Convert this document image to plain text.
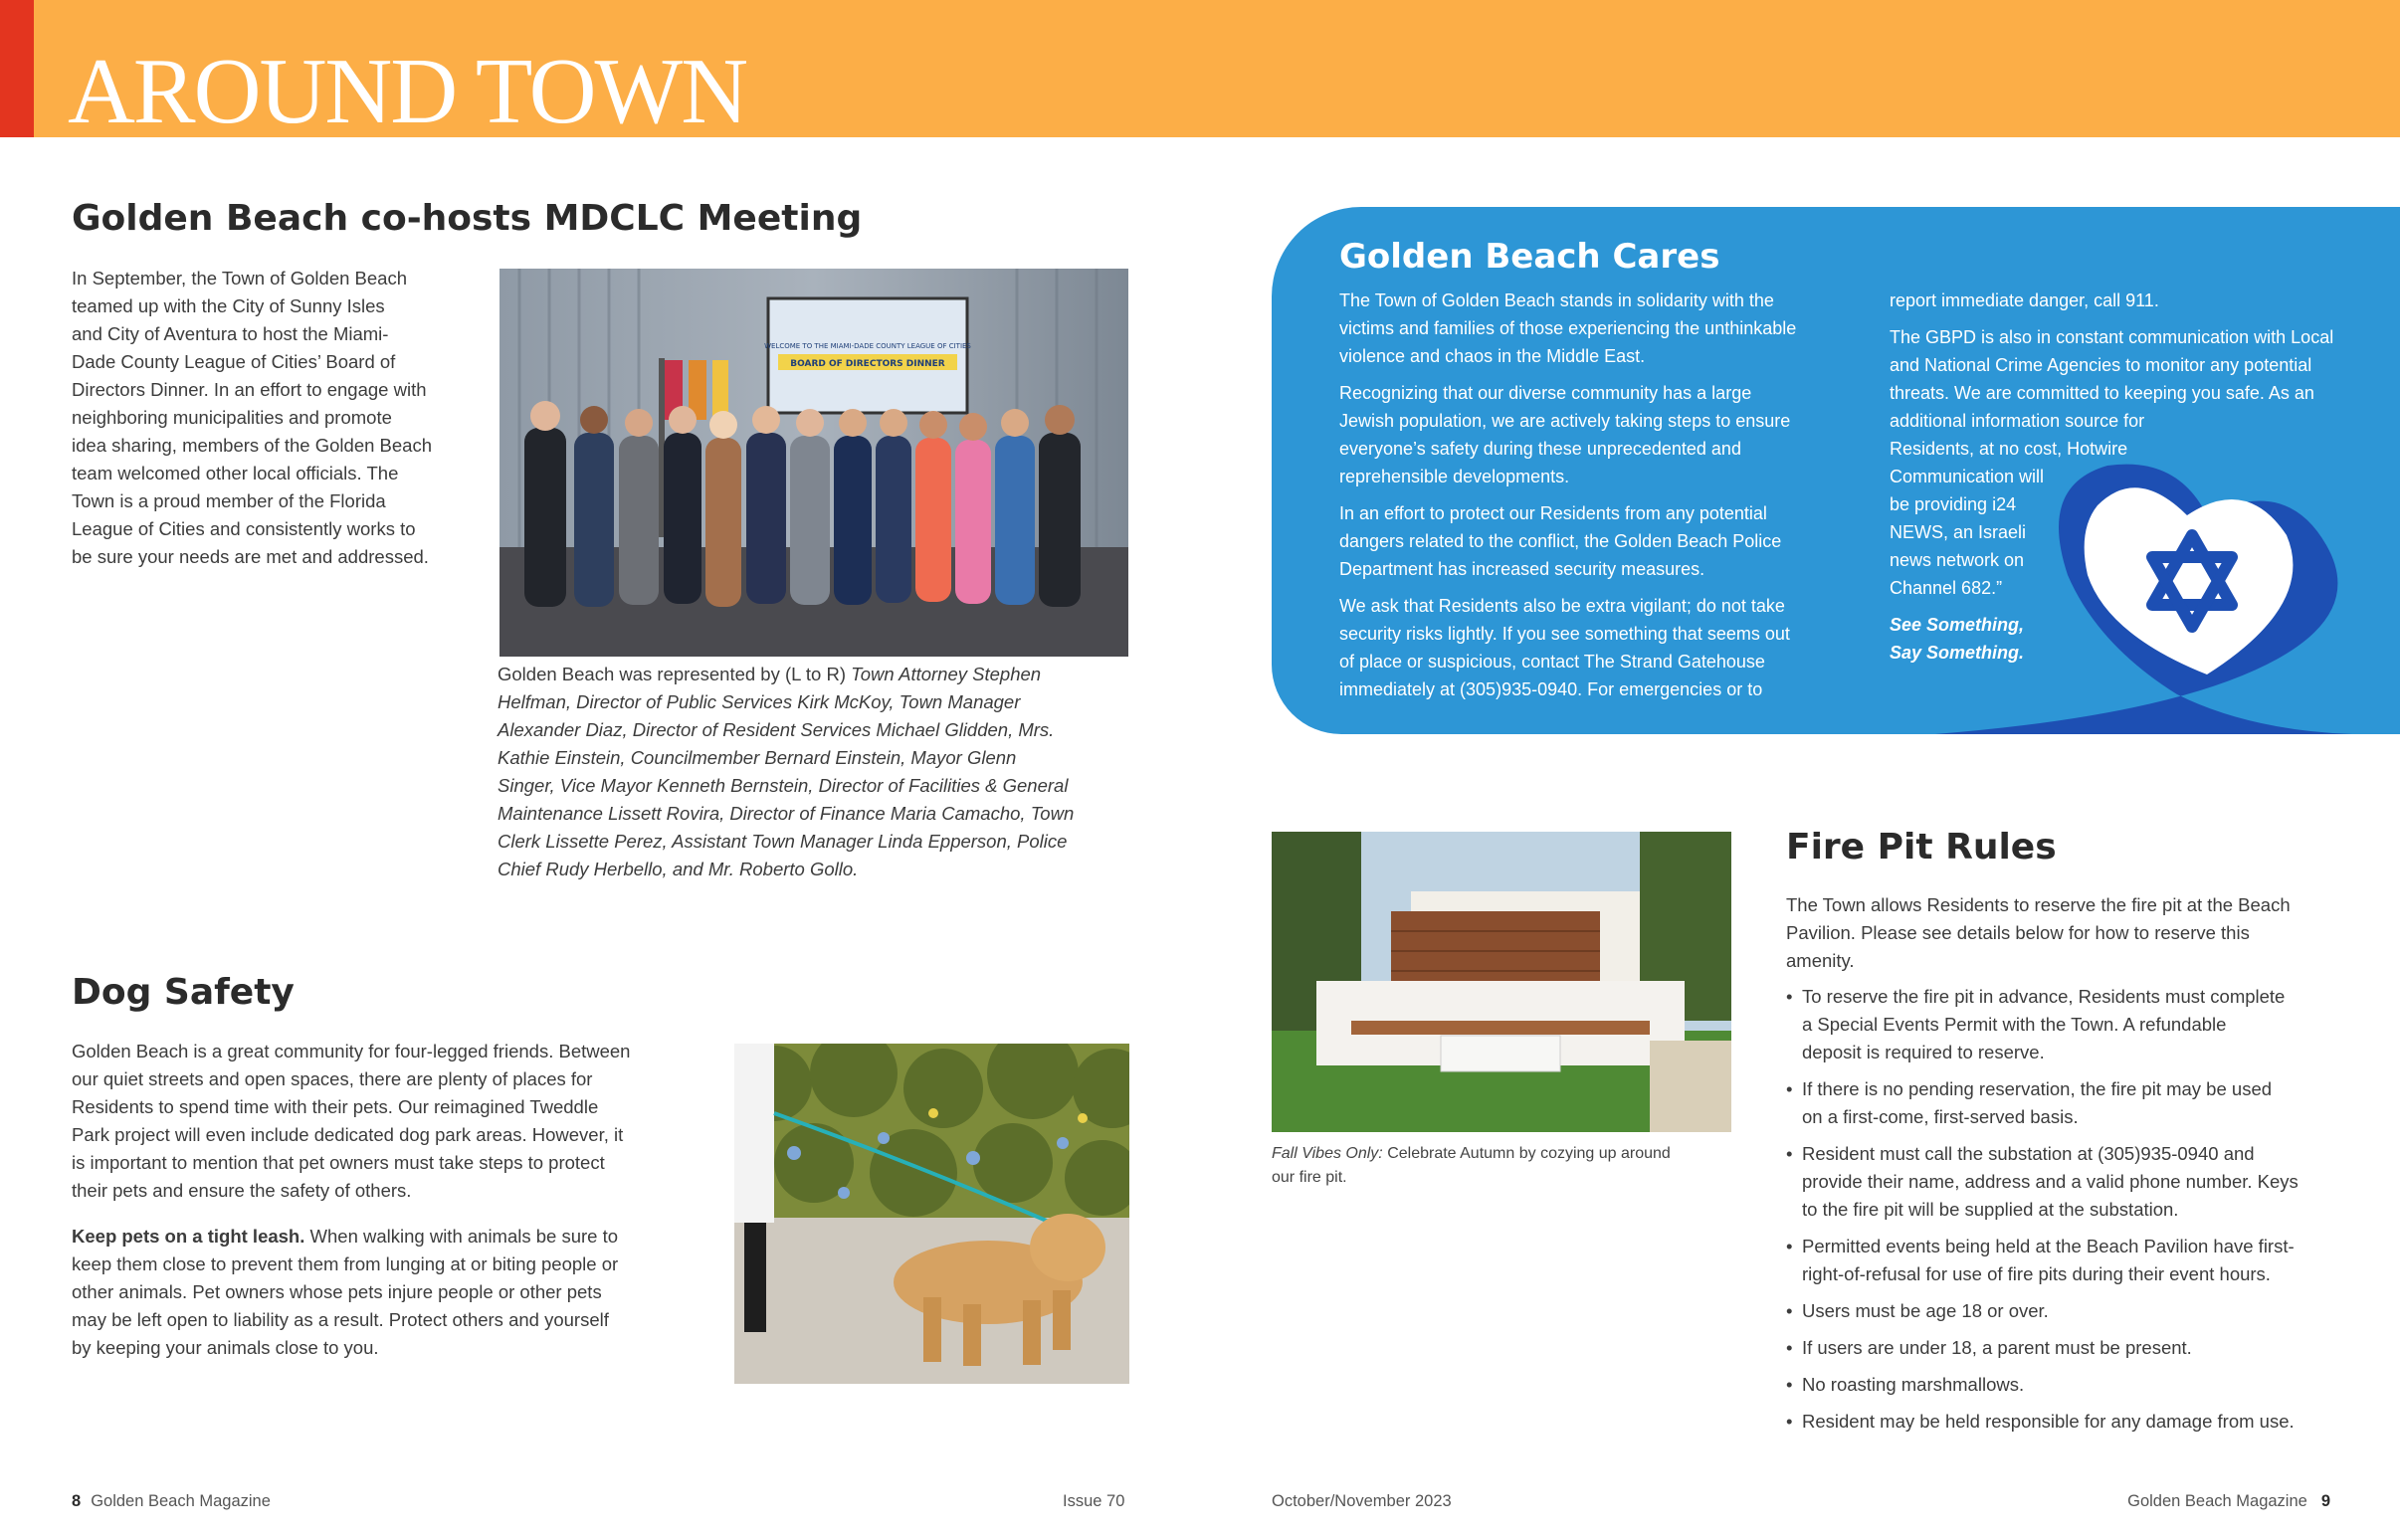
AROUND TOWN
Golden Beach co-hosts MDCLC Meeting
In September, the Town of Golden Beach
teamed up with the City of Sunny Isles
and City of Aventura to host the Miami-
Dade County League of Cities’ Board of
Directors Dinner. In an effort to engage with
neighboring municipalities and promote
idea sharing, members of the Golden Beach
team welcomed other local officials. The
Town is a proud member of the Florida
League of Cities and consistently works to
be sure your needs are met and addressed.
WELCOME TO THE MIAMI-DADE COUNTY LEAGUE OF CITIES
BOARD OF DIRECTORS DINNER
Golden Beach was represented by (L to R) Town Attorney Stephen
Helfman, Director of Public Services Kirk McKoy, Town Manager
Alexander Diaz, Director of Resident Services Michael Glidden, Mrs.
Kathie Einstein, Councilmember Bernard Einstein, Mayor Glenn
Singer, Vice Mayor Kenneth Bernstein, Director of Facilities & General
Maintenance Lissett Rovira, Director of Finance Maria Camacho, Town
Clerk Lissette Perez, Assistant Town Manager Linda Epperson, Police
Chief Rudy Herbello, and Mr. Roberto Gollo.
Dog Safety
Golden Beach is a great community for four-legged friends. Between
our quiet streets and open spaces, there are plenty of places for
Residents to spend time with their pets. Our reimagined Tweddle
Park project will even include dedicated dog park areas. However, it
is important to mention that pet owners must take steps to protect
their pets and ensure the safety of others.
Keep pets on a tight leash. When walking with animals be sure to
keep them close to prevent them from lunging at or biting people or
other animals. Pet owners whose pets injure people or other pets
may be left open to liability as a result. Protect others and yourself
by keeping your animals close to you.
Golden Beach Cares

The Town of Golden Beach stands in solidarity with the
victims and families of those experiencing the unthinkable
violence and chaos in the Middle East.

Recognizing that our diverse community has a large
Jewish population, we are actively taking steps to ensure
everyone’s safety during these unprecedented and
reprehensible developments.

In an effort to protect our Residents from any potential
dangers related to the conflict, the Golden Beach Police
Department has increased security measures.

We ask that Residents also be extra vigilant; do not take
security risks lightly. If you see something that seems out
of place or suspicious, contact The Strand Gatehouse
immediately at (305)935-0940. For emergencies or to

report immediate danger, call 911.

The GBPD is also in constant communication with Local
and National Crime Agencies to monitor any potential
threats. We are committed to keeping you safe. As an
additional information source for
Residents, at no cost, Hotwire
Communication will
be providing i24
NEWS, an Israeli
news network on
Channel 682.”

See Something,
Say Something.

Fall Vibes Only: Celebrate Autumn by cozying up around
our fire pit.
Fire Pit Rules
The Town allows Residents to reserve the fire pit at the Beach
Pavilion. Please see details below for how to reserve this
amenity.
• To reserve the fire pit in advance, Residents must complete
a Special Events Permit with the Town. A refundable
deposit is required to reserve.
• If there is no pending reservation, the fire pit may be used
on a first-come, first-served basis.
• Resident must call the substation at (305)935-0940 and
provide their name, address and a valid phone number. Keys
to the fire pit will be supplied at the substation.
• Permitted events being held at the Beach Pavilion have first-
right-of-refusal for use of fire pits during their event hours.
• Users must be age 18 or over.
• If users are under 18, a parent must be present.
• No roasting marshmallows.
• Resident may be held responsible for any damage from use.
8 Golden Beach Magazine	Issue 70	October/November 2023	Golden Beach Magazine 9
